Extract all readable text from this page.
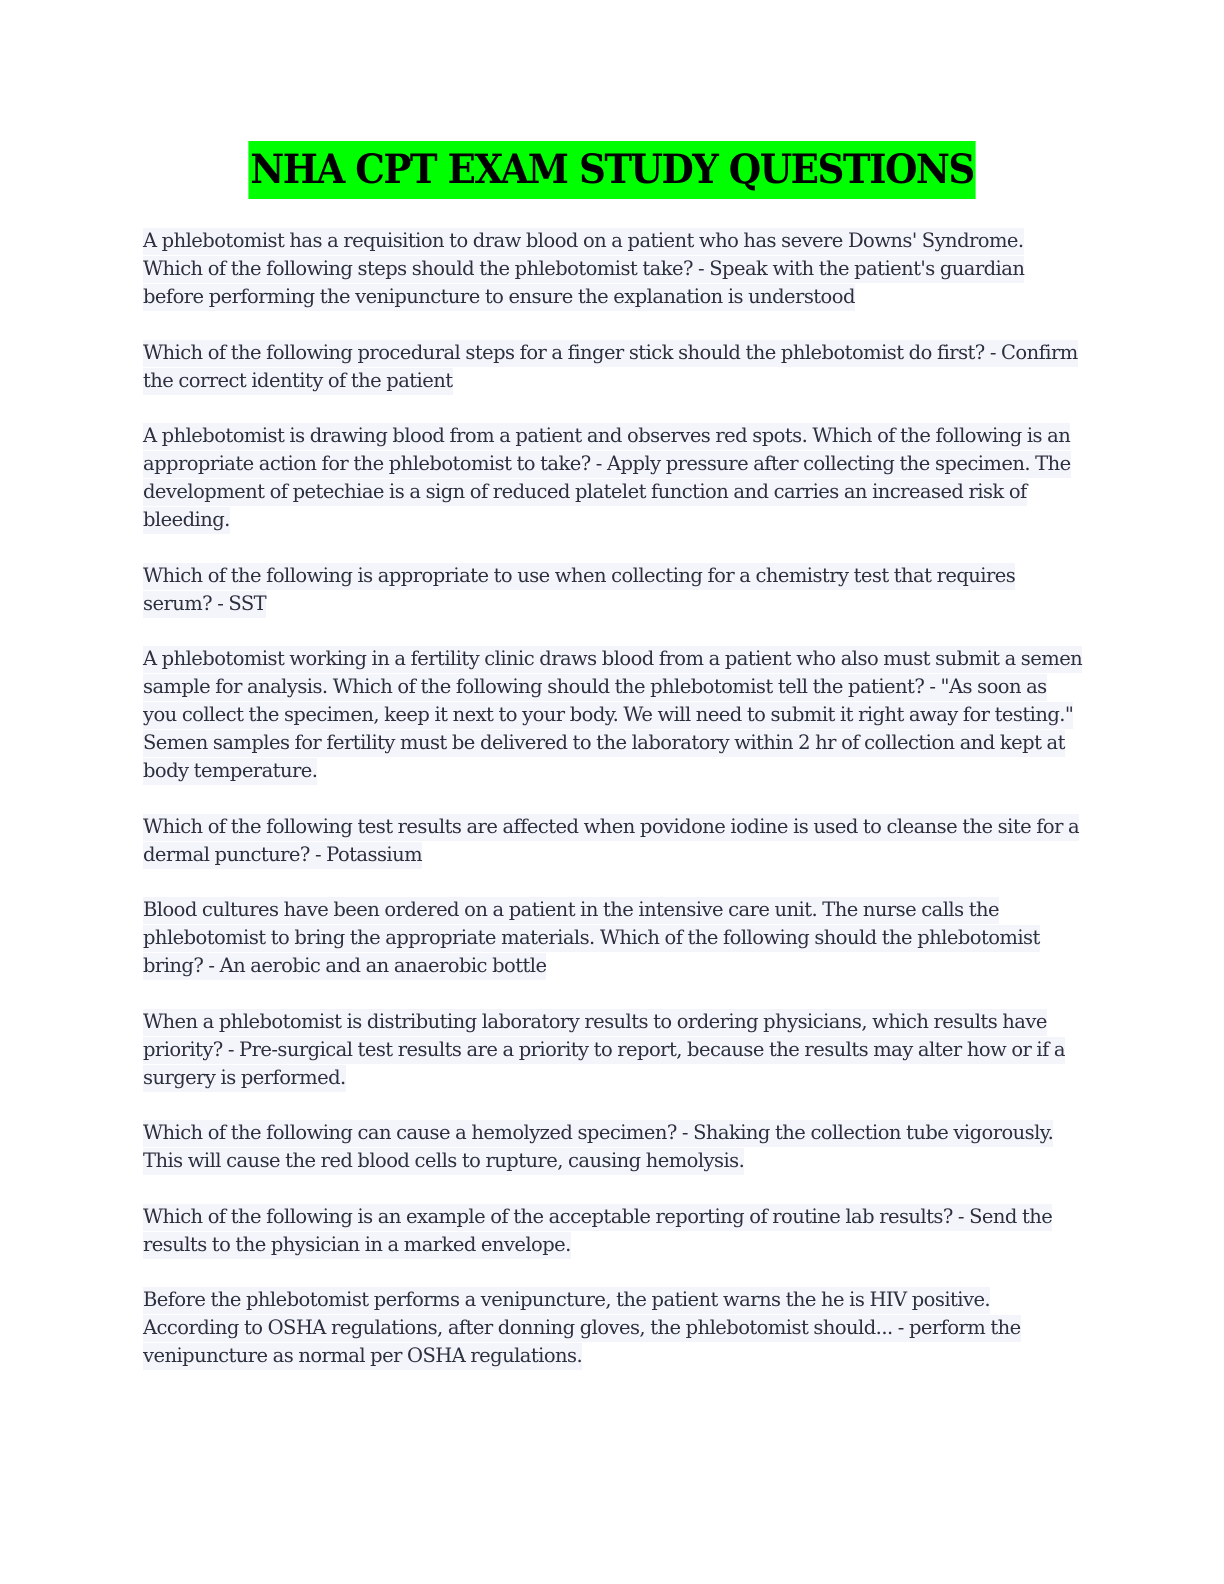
NHA CPT EXAM STUDY QUESTIONS

A phlebotomist has a requisition to draw blood on a patient who has severe Downs' Syndrome. Which of the following steps should the phlebotomist take? - Speak with the patient's guardian before performing the venipuncture to ensure the explanation is understood

Which of the following procedural steps for a finger stick should the phlebotomist do first? - Confirm the correct identity of the patient

A phlebotomist is drawing blood from a patient and observes red spots. Which of the following is an appropriate action for the phlebotomist to take? - Apply pressure after collecting the specimen. The development of petechiae is a sign of reduced platelet function and carries an increased risk of bleeding.

Which of the following is appropriate to use when collecting for a chemistry test that requires serum? - SST

A phlebotomist working in a fertility clinic draws blood from a patient who also must submit a semen sample for analysis. Which of the following should the phlebotomist tell the patient? - "As soon as you collect the specimen, keep it next to your body. We will need to submit it right away for testing." Semen samples for fertility must be delivered to the laboratory within 2 hr of collection and kept at body temperature.

Which of the following test results are affected when povidone iodine is used to cleanse the site for a dermal puncture? - Potassium

Blood cultures have been ordered on a patient in the intensive care unit. The nurse calls the phlebotomist to bring the appropriate materials. Which of the following should the phlebotomist bring? - An aerobic and an anaerobic bottle

When a phlebotomist is distributing laboratory results to ordering physicians, which results have priority? - Pre-surgical test results are a priority to report, because the results may alter how or if a surgery is performed.

Which of the following can cause a hemolyzed specimen? - Shaking the collection tube vigorously. This will cause the red blood cells to rupture, causing hemolysis.

Which of the following is an example of the acceptable reporting of routine lab results? - Send the results to the physician in a marked envelope.

Before the phlebotomist performs a venipuncture, the patient warns the he is HIV positive. According to OSHA regulations, after donning gloves, the phlebotomist should... - perform the venipuncture as normal per OSHA regulations.
